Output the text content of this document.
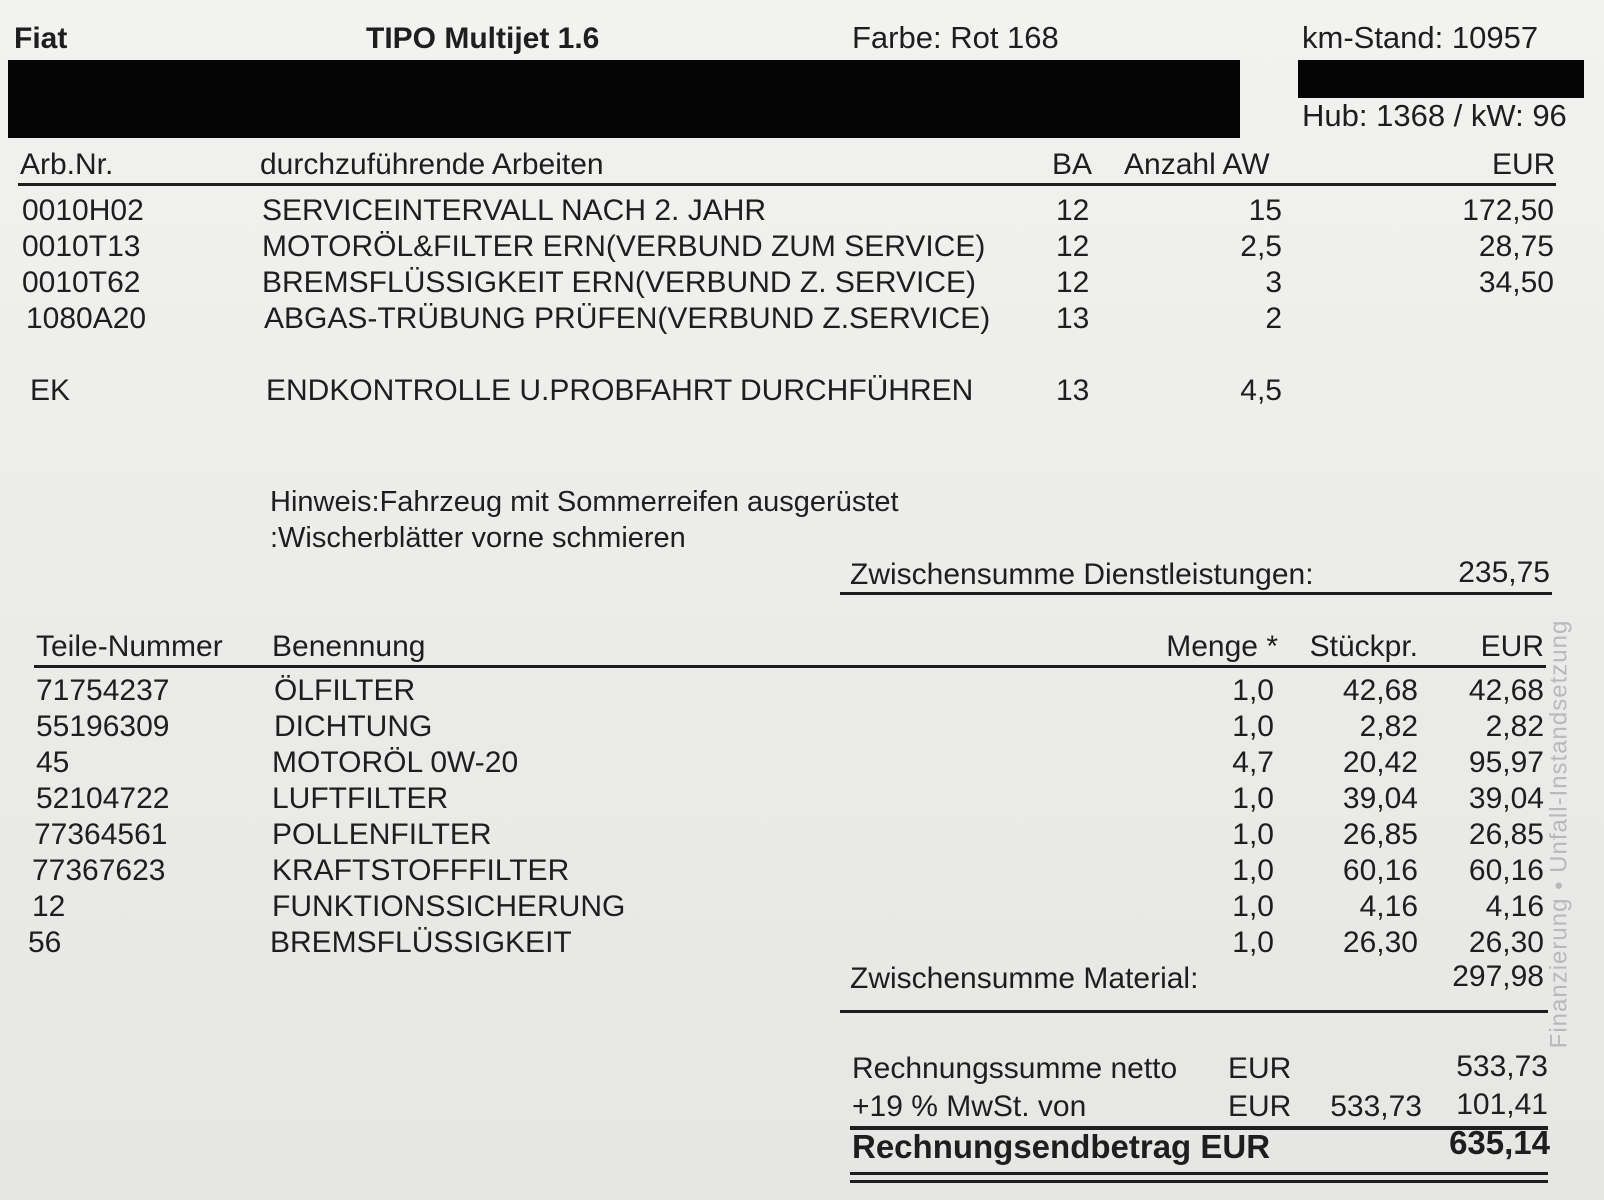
Fiat	TIPO Multijet 1.6	Farbe: Rot 168	km-Stand: 10957
Hub: 1368 / kW: 96
Arb.Nr.	durchzuführende Arbeiten	BA Anzahl AW	EUR
0010H02	SERVICEINTERVALL NACH 2. JAHR	12	15	172,50
0010T13	MOTORÖL&FILTER ERN(VERBUND ZUM SERVICE) 12	2,5	28,75
0010T62	BREMSFLÜSSIGKEIT ERN(VERBUND Z. SERVICE)	12	3	34,50
1080A20	ABGAS-TRÜBUNG PRÜFEN(VERBUND Z.SERVICE) 13	2
EK	ENDKONTROLLE U.PROBFAHRT DURCHFÜHREN	13	4,5
Hinweis:Fahrzeug mit Sommerreifen ausgerüstet
:Wischerblätter vorne schmieren
Zwischensumme Dienstleistungen:	235,75
Teile-Nummer Benennung	Menge * Stückpr. EUR
71754237	ÖLFILTER	1,0 42,68 42,68
55196309	DICHTUNG	1,0	2,82 2,82
45	MOTORÖL 0W-20	4,7 20,42 95,97
52104722	LUFTFILTER	1,0 39,04 39,04
77364561	POLLENFILTER	1,0 26,85 26,85
77367623	KRAFTSTOFFFILTER	1,0 60,16 60,16
12	FUNKTIONSSICHERUNG	1,0	4,16 4,16
56	BREMSFLÜSSIGKEIT	1,0 26,30 26,30
Zwischensumme Material:	297,98
Rechnungssumme netto EUR	533,73
+19 % MwSt. von	EUR 533,73 101,41
Rechnungsendbetrag EUR	635,14
Finanzierung • Unfall-Instandsetzung
